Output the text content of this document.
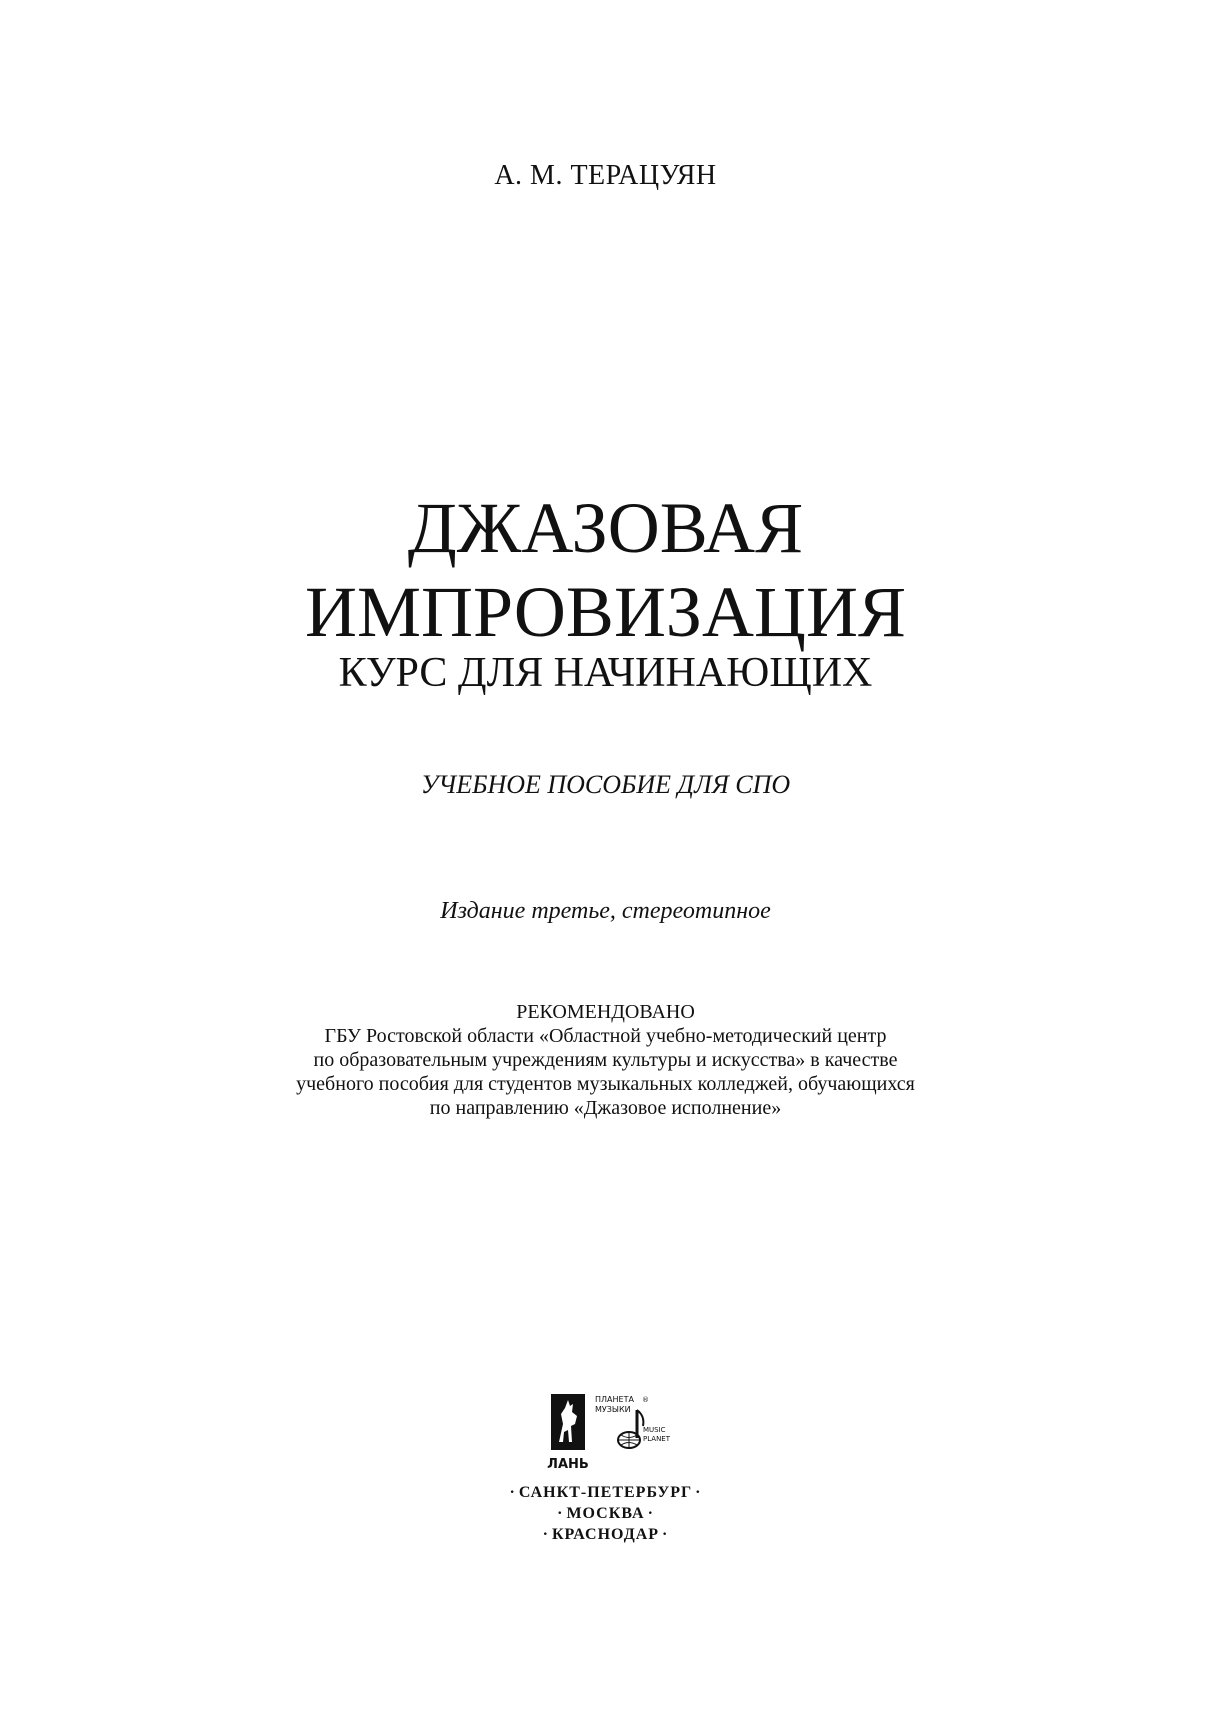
А. М. ТЕРАЦУЯН
ДЖАЗОВАЯ
ИМПРОВИЗАЦИЯ
КУРС ДЛЯ НАЧИНАЮЩИХ
УЧЕБНОЕ ПОСОБИЕ ДЛЯ СПО
Издание третье, стереотипное
РЕКОМЕНДОВАНО
ГБУ Ростовской области «Областной учебно-методический центр
по образовательным учреждениям культуры и искусства» в качестве
учебного пособия для студентов музыкальных колледжей, обучающихся
по направлению «Джазовое исполнение»
ЛАНЬ
ПЛАНЕТА
МУЗЫКИ
®
MUSIC
PLANET
· САНКТ-ПЕТЕРБУРГ ·
· МОСКВА ·
· КРАСНОДАР ·
